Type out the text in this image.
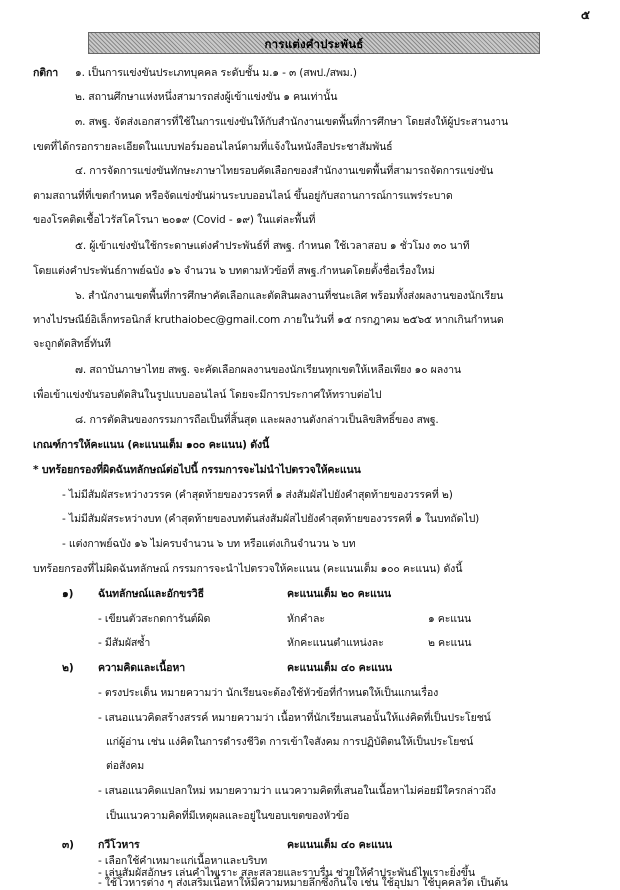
๕
การแต่งคำประพันธ์
กติกา ๑. เป็นการแข่งขันประเภทบุคคล ระดับชั้น ม.๑ - ๓ (สพป./สพม.)
๒. สถานศึกษาแห่งหนึ่งสามารถส่งผู้เข้าแข่งขัน ๑ คนเท่านั้น
๓. สพฐ. จัดส่งเอกสารที่ใช้ในการแข่งขันให้กับสำนักงานเขตพื้นที่การศึกษา โดยส่งให้ผู้ประสานงาน
เขตที่ได้กรอกรายละเอียดในแบบฟอร์มออนไลน์ตามที่แจ้งในหนังสือประชาสัมพันธ์
๔. การจัดการแข่งขันทักษะภาษาไทยรอบคัดเลือกของสำนักงานเขตพื้นที่สามารถจัดการแข่งขัน
ตามสถานที่ที่เขตกำหนด หรือจัดแข่งขันผ่านระบบออนไลน์ ขึ้นอยู่กับสถานการณ์การแพร่ระบาด
ของโรคติดเชื้อไวรัสโคโรนา ๒๐๑๙ (Covid - ๑๙) ในแต่ละพื้นที่
๕. ผู้เข้าแข่งขันใช้กระดาษแต่งคำประพันธ์ที่ สพฐ. กำหนด ใช้เวลาสอบ ๑ ชั่วโมง ๓๐ นาที
โดยแต่งคำประพันธ์กาพย์ฉบัง ๑๖ จำนวน ๖ บทตามหัวข้อที่ สพฐ.กำหนดโดยตั้งชื่อเรื่องใหม่
๖. สำนักงานเขตพื้นที่การศึกษาคัดเลือกและตัดสินผลงานที่ชนะเลิศ พร้อมทั้งส่งผลงานของนักเรียน
ทางไปรษณีย์อิเล็กทรอนิกส์ kruthaiobec@gmail.com ภายในวันที่ ๑๕ กรกฎาคม ๒๕๖๕ หากเกินกำหนด
จะถูกตัดสิทธิ์ทันที
๗. สถาบันภาษาไทย สพฐ. จะคัดเลือกผลงานของนักเรียนทุกเขตให้เหลือเพียง ๑๐ ผลงาน
เพื่อเข้าแข่งขันรอบตัดสินในรูปแบบออนไลน์ โดยจะมีการประกาศให้ทราบต่อไป
๘. การตัดสินของกรรมการถือเป็นที่สิ้นสุด และผลงานดังกล่าวเป็นลิขสิทธิ์ของ สพฐ.
เกณฑ์การให้คะแนน (คะแนนเต็ม ๑๐๐ คะแนน) ดังนี้
* บทร้อยกรองที่ผิดฉันทลักษณ์ต่อไปนี้ กรรมการจะไม่นำไปตรวจให้คะแนน
- ไม่มีสัมผัสระหว่างวรรค (คำสุดท้ายของวรรคที่ ๑ ส่งสัมผัสไปยังคำสุดท้ายของวรรคที่ ๒)
- ไม่มีสัมผัสระหว่างบท (คำสุดท้ายของบทต้นส่งสัมผัสไปยังคำสุดท้ายของวรรคที่ ๑ ในบทถัดไป)
- แต่งกาพย์ฉบัง ๑๖ ไม่ครบจำนวน ๖ บท หรือแต่งเกินจำนวน ๖ บท
บทร้อยกรองที่ไม่ผิดฉันทลักษณ์ กรรมการจะนำไปตรวจให้คะแนน (คะแนนเต็ม ๑๐๐ คะแนน) ดังนี้
๑) ฉันทลักษณ์และอักขรวิธี	คะแนนเต็ม ๒๐ คะแนน
- เขียนตัวสะกดการันต์ผิด	หักคำละ	๑ คะแนน
- มีสัมผัสซ้ำ	หักคะแนนตำแหน่งละ	๒ คะแนน
๒) ความคิดและเนื้อหา	คะแนนเต็ม ๔๐ คะแนน
- ตรงประเด็น หมายความว่า นักเรียนจะต้องใช้หัวข้อที่กำหนดให้เป็นแกนเรื่อง
- เสนอแนวคิดสร้างสรรค์ หมายความว่า เนื้อหาที่นักเรียนเสนอนั้นให้แง่คิดที่เป็นประโยชน์
แก่ผู้อ่าน เช่น แง่คิดในการดำรงชีวิต การเข้าใจสังคม การปฏิบัติตนให้เป็นประโยชน์
ต่อสังคม
- เสนอแนวคิดแปลกใหม่ หมายความว่า แนวความคิดที่เสนอในเนื้อหาไม่ค่อยมีใครกล่าวถึง
เป็นแนวความคิดที่มีเหตุผลและอยู่ในขอบเขตของหัวข้อ
๓) กวีโวหาร	คะแนนเต็ม ๔๐ คะแนน
- เลือกใช้คำเหมาะแก่เนื้อหาและบริบท
- เล่นสัมผัสอักษร เล่นคำไพเราะ สละสลวยและราบรื่น ช่วยให้คำประพันธ์ไพเราะยิ่งขึ้น
- ใช้โวหารต่าง ๆ ส่งเสริมเนื้อหาให้มีความหมายลึกซึ้งกินใจ เช่น ใช้อุปมา ใช้บุคคลวัต เป็นต้น
